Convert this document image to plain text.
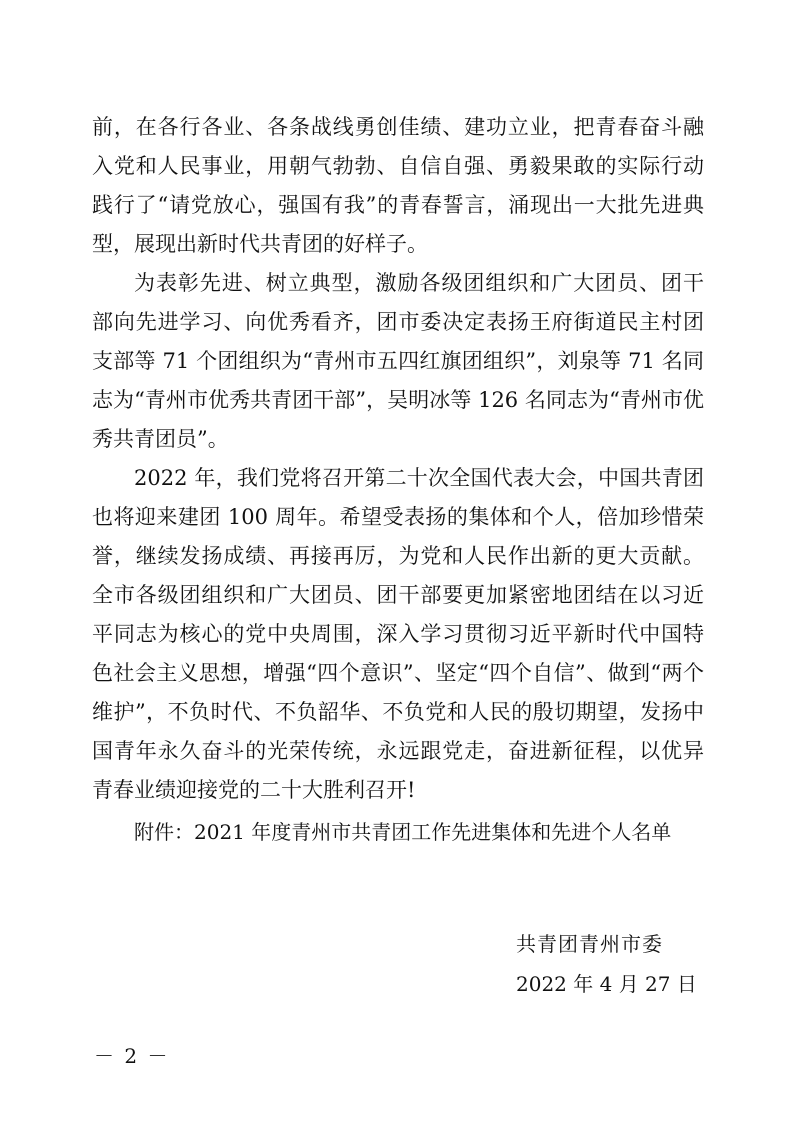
前，在各行各业、各条战线勇创佳绩、建功立业，把青春奋斗融
入党和人民事业，用朝气勃勃、自信自强、勇毅果敢的实际行动
践行了“请党放心，强国有我”的青春誓言，涌现出一大批先进典
型，展现出新时代共青团的好样子。
为表彰先进、树立典型，激励各级团组织和广大团员、团干
部向先进学习、向优秀看齐，团市委决定表扬王府街道民主村团
支部等 71 个团组织为“青州市五四红旗团组织”，刘泉等 71 名同
志为“青州市优秀共青团干部”，吴明冰等 126 名同志为“青州市优
秀共青团员”。
2022 年，我们党将召开第二十次全国代表大会，中国共青团
也将迎来建团 100 周年。希望受表扬的集体和个人，倍加珍惜荣
誉，继续发扬成绩、再接再厉，为党和人民作出新的更大贡献。
全市各级团组织和广大团员、团干部要更加紧密地团结在以习近
平同志为核心的党中央周围，深入学习贯彻习近平新时代中国特
色社会主义思想，增强“四个意识”、坚定“四个自信”、做到“两个
维护”，不负时代、不负韶华、不负党和人民的殷切期望，发扬中
国青年永久奋斗的光荣传统，永远跟党走，奋进新征程，以优异
青春业绩迎接党的二十大胜利召开!
附件：2021 年度青州市共青团工作先进集体和先进个人名单
共青团青州市委
2022 年 4 月 27 日
－ 2 －
